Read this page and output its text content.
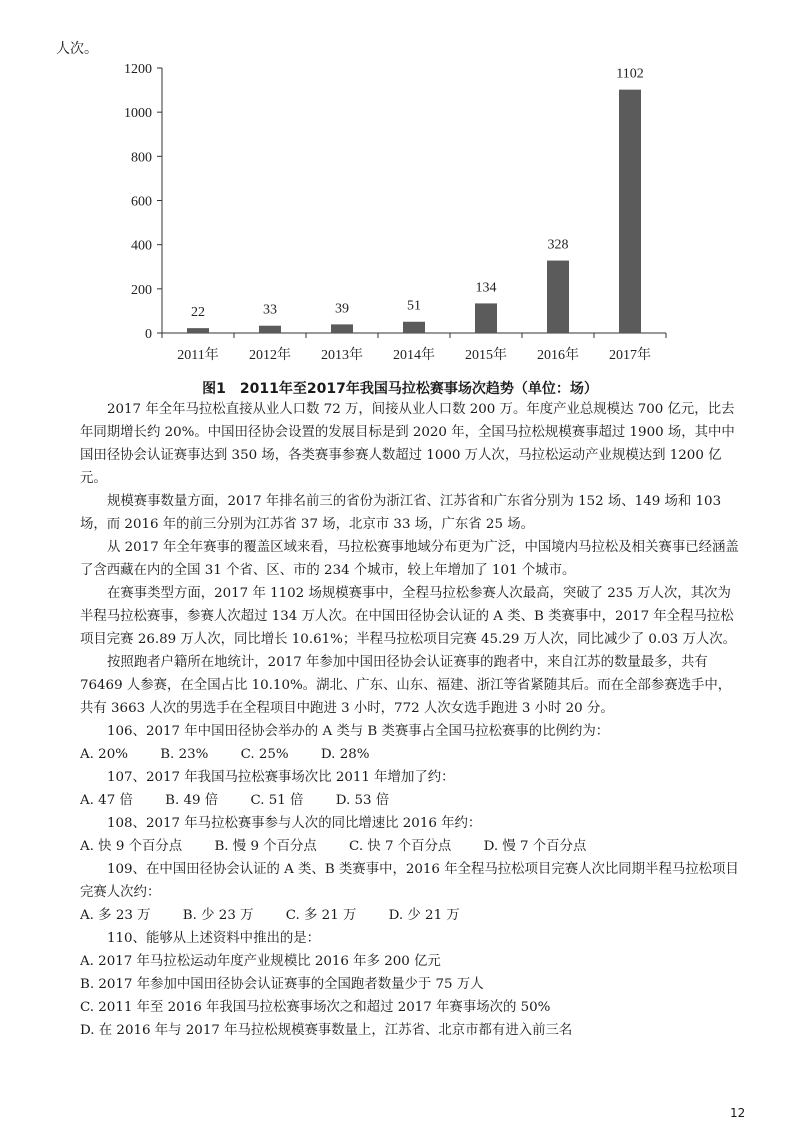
人次。
0
200
400
600
800
1000
1200
22
2011年
33
2012年
39
2013年
51
2014年
134
2015年
328
2016年
1102
2017年
图1　2011年至2017年我国马拉松赛事场次趋势（单位：场）

2017 年全年马拉松直接从业人口数 72 万，间接从业人口数 200 万。年度产业总规模达 700 亿元，比去年同期增长约 20%。中国田径协会设置的发展目标是到 2020 年，全国马拉松规模赛事超过 1900 场，其中中国田径协会认证赛事达到 350 场，各类赛事参赛人数超过 1000 万人次，马拉松运动产业规模达到 1200 亿元。

规模赛事数量方面，2017 年排名前三的省份为浙江省、江苏省和广东省分别为 152 场、149 场和 103 场，而 2016 年的前三分别为江苏省 37 场，北京市 33 场，广东省 25 场。

从 2017 年全年赛事的覆盖区域来看，马拉松赛事地域分布更为广泛，中国境内马拉松及相关赛事已经涵盖了含西藏在内的全国 31 个省、区、市的 234 个城市，较上年增加了 101 个城市。

在赛事类型方面，2017 年 1102 场规模赛事中，全程马拉松参赛人次最高，突破了 235 万人次，其次为半程马拉松赛事，参赛人次超过 134 万人次。在中国田径协会认证的 A 类、B 类赛事中，2017 年全程马拉松项目完赛 26.89 万人次，同比增长 10.61%；半程马拉松项目完赛 45.29 万人次，同比减少了 0.03 万人次。

按照跑者户籍所在地统计，2017 年参加中国田径协会认证赛事的跑者中，来自江苏的数量最多，共有 76469 人参赛，在全国占比 10.10%。湖北、广东、山东、福建、浙江等省紧随其后。而在全部参赛选手中，共有 3663 人次的男选手在全程项目中跑进 3 小时，772 人次女选手跑进 3 小时 20 分。

106、2017 年中国田径协会举办的 A 类与 B 类赛事占全国马拉松赛事的比例约为：

A. 20% B. 23% C. 25% D. 28%

107、2017 年我国马拉松赛事场次比 2011 年增加了约：

A. 47 倍 B. 49 倍 C. 51 倍 D. 53 倍

108、2017 年马拉松赛事参与人次的同比增速比 2016 年约：

A. 快 9 个百分点 B. 慢 9 个百分点 C. 快 7 个百分点 D. 慢 7 个百分点

109、在中国田径协会认证的 A 类、B 类赛事中，2016 年全程马拉松项目完赛人次比同期半程马拉松项目完赛人次约：

A. 多 23 万 B. 少 23 万 C. 多 21 万 D. 少 21 万

110、能够从上述资料中推出的是：

A. 2017 年马拉松运动年度产业规模比 2016 年多 200 亿元
B. 2017 年参加中国田径协会认证赛事的全国跑者数量少于 75 万人
C. 2011 年至 2016 年我国马拉松赛事场次之和超过 2017 年赛事场次的 50%
D. 在 2016 年与 2017 年马拉松规模赛事数量上，江苏省、北京市都有进入前三名
12
